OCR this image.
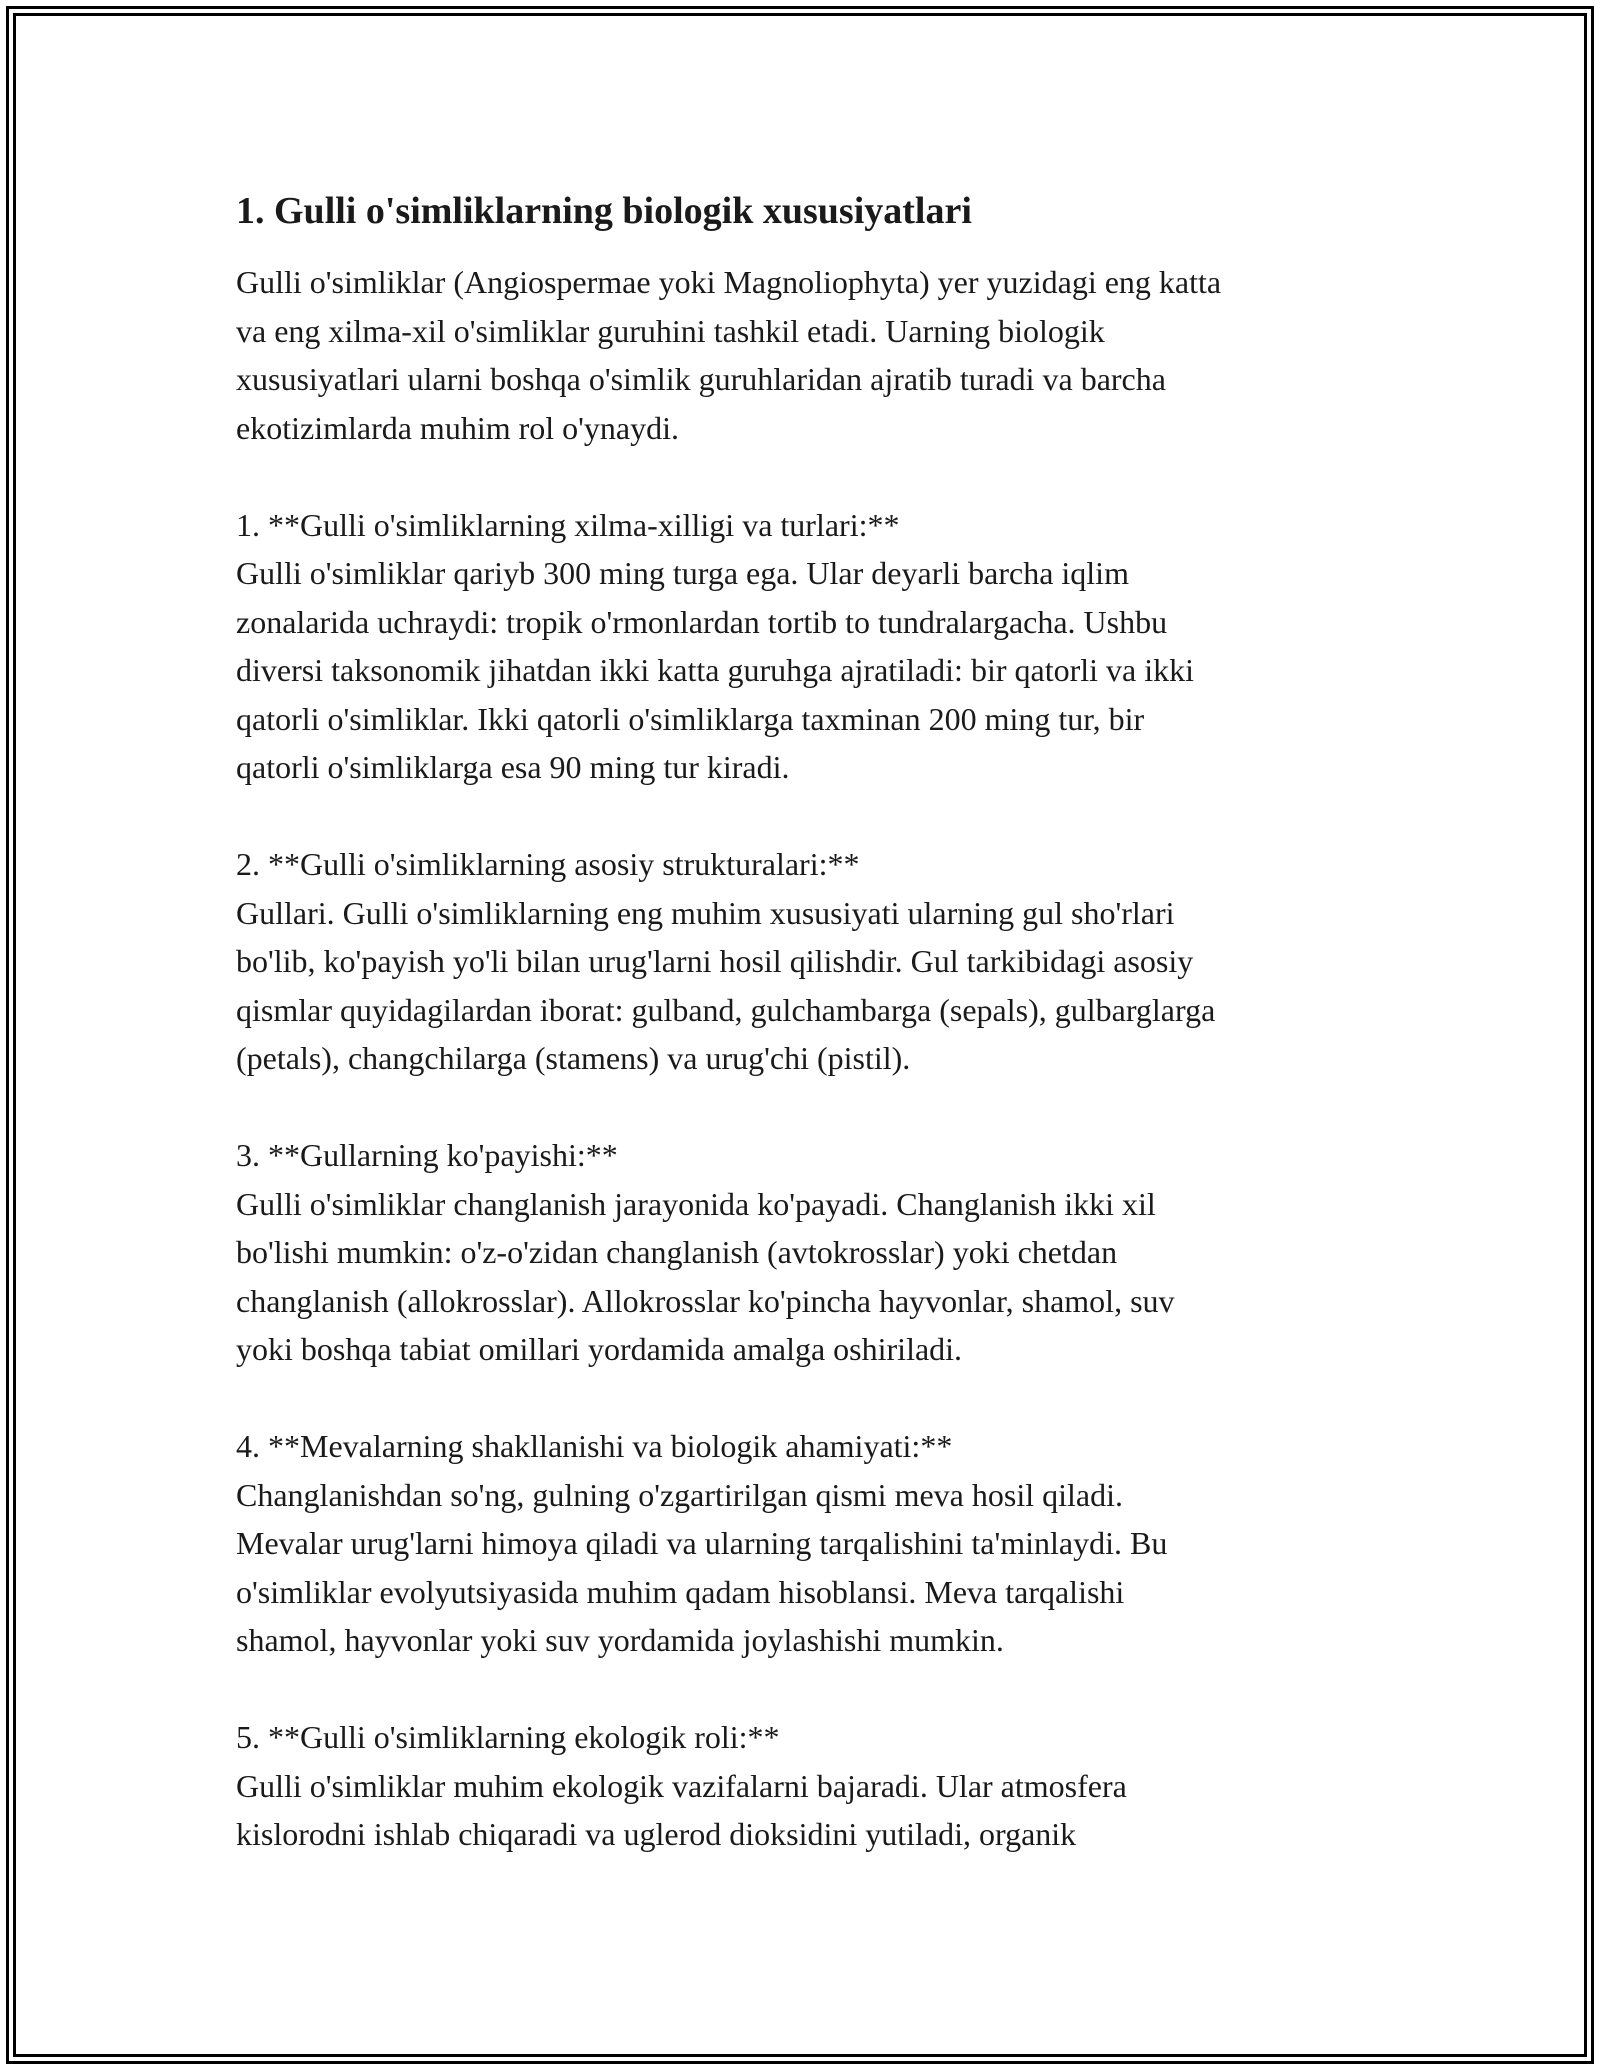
1. Gulli o'simliklarning biologik xususiyatlari

Gulli o'simliklar (Angiospermae yoki Magnoliophyta) yer yuzidagi eng katta
va eng xilma-xil o'simliklar guruhini tashkil etadi. Uarning biologik
xususiyatlari ularni boshqa o'simlik guruhlaridan ajratib turadi va barcha
ekotizimlarda muhim rol o'ynaydi.

1. **Gulli o'simliklarning xilma-xilligi va turlari:**
Gulli o'simliklar qariyb 300 ming turga ega. Ular deyarli barcha iqlim
zonalarida uchraydi: tropik o'rmonlardan tortib to tundralargacha. Ushbu
diversi taksonomik jihatdan ikki katta guruhga ajratiladi: bir qatorli va ikki
qatorli o'simliklar. Ikki qatorli o'simliklarga taxminan 200 ming tur, bir
qatorli o'simliklarga esa 90 ming tur kiradi.
2. **Gulli o'simliklarning asosiy strukturalari:**
Gullari. Gulli o'simliklarning eng muhim xususiyati ularning gul sho'rlari
bo'lib, ko'payish yo'li bilan urug'larni hosil qilishdir. Gul tarkibidagi asosiy
qismlar quyidagilardan iborat: gulband, gulchambarga (sepals), gulbarglarga
(petals), changchilarga (stamens) va urug'chi (pistil).
3. **Gullarning ko'payishi:**
Gulli o'simliklar changlanish jarayonida ko'payadi. Changlanish ikki xil
bo'lishi mumkin: o'z-o'zidan changlanish (avtokrosslar) yoki chetdan
changlanish (allokrosslar). Allokrosslar ko'pincha hayvonlar, shamol, suv
yoki boshqa tabiat omillari yordamida amalga oshiriladi.
4. **Mevalarning shakllanishi va biologik ahamiyati:**
Changlanishdan so'ng, gulning o'zgartirilgan qismi meva hosil qiladi.
Mevalar urug'larni himoya qiladi va ularning tarqalishini ta'minlaydi. Bu
o'simliklar evolyutsiyasida muhim qadam hisoblansi. Meva tarqalishi
shamol, hayvonlar yoki suv yordamida joylashishi mumkin.
5. **Gulli o'simliklarning ekologik roli:**
Gulli o'simliklar muhim ekologik vazifalarni bajaradi. Ular atmosfera
kislorodni ishlab chiqaradi va uglerod dioksidini yutiladi, organik
